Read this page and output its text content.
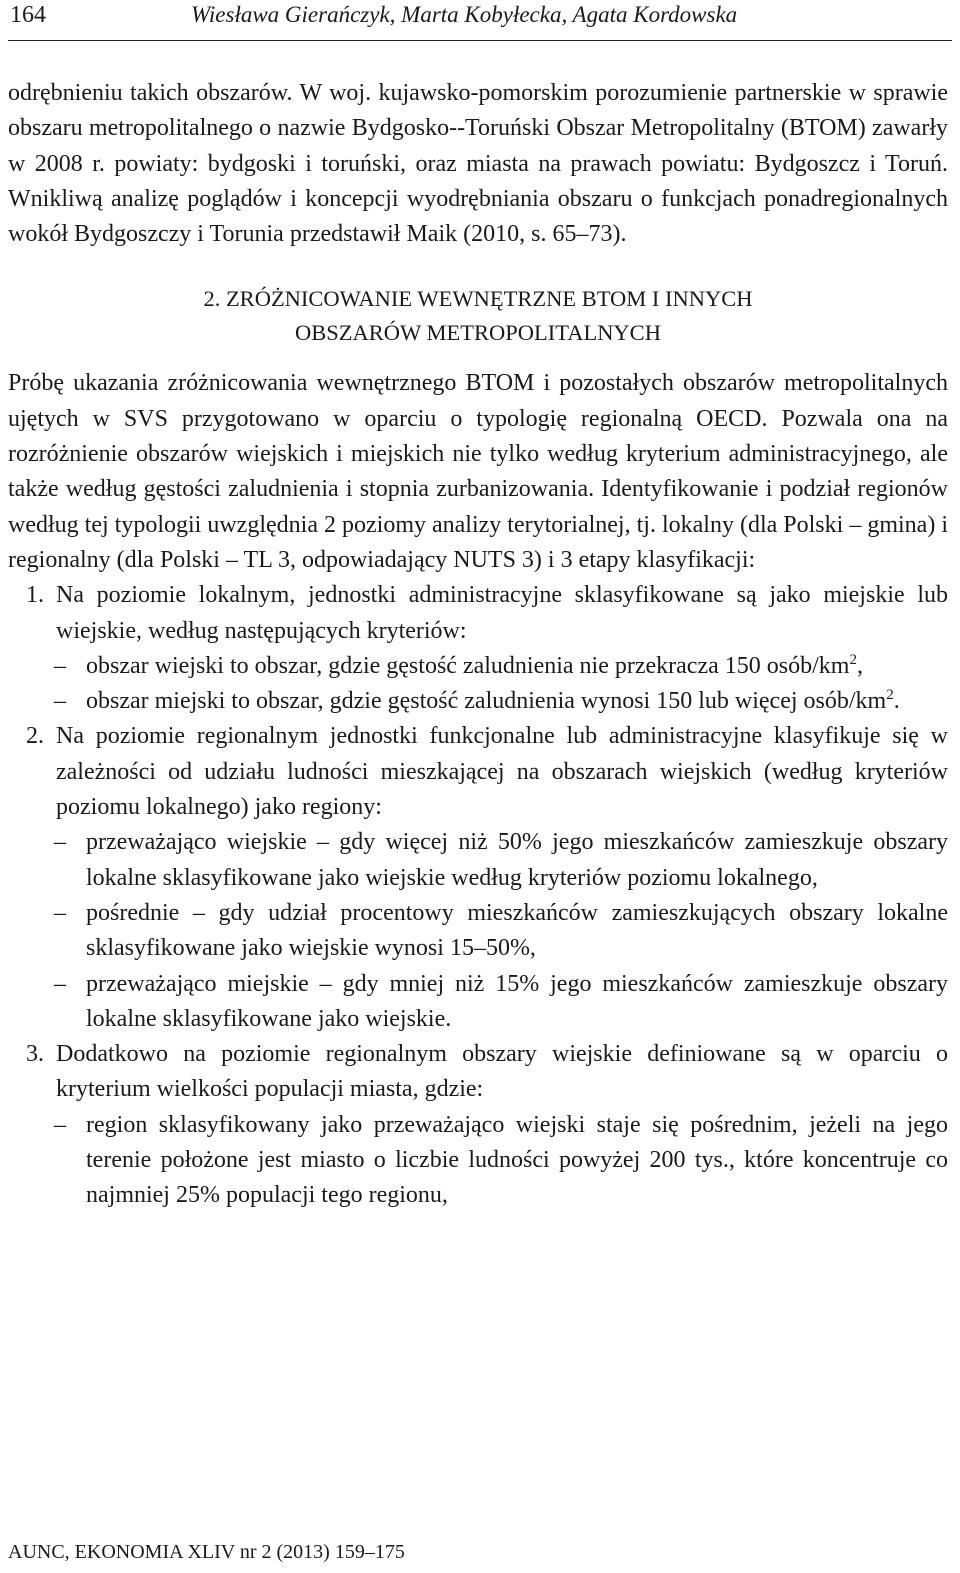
164	Wiesława Gierańczyk, Marta Kobyłecka, Agata Kordowska

odrębnieniu takich obszarów. W woj. kujawsko-pomorskim porozumienie partnerskie w sprawie obszaru metropolitalnego o nazwie Bydgosko--Toruński Obszar Metropolitalny (BTOM) zawarły w 2008 r. powiaty: bydgoski i toruński, oraz miasta na prawach powiatu: Bydgoszcz i Toruń. Wnikliwą analizę poglądów i koncepcji wyodrębniania obszaru o funkcjach ponadregionalnych wokół Bydgoszczy i Torunia przedstawił Maik (2010, s. 65–73).

2. ZRÓŻNICOWANIE WEWNĘTRZNE BTOM I INNYCH
OBSZARÓW METROPOLITALNYCH

Próbę ukazania zróżnicowania wewnętrznego BTOM i pozostałych obszarów metropolitalnych ujętych w SVS przygotowano w oparciu o typologię regionalną OECD. Pozwala ona na rozróżnienie obszarów wiejskich i miejskich nie tylko według kryterium administracyjnego, ale także według gęstości zaludnienia i stopnia zurbanizowania. Identyfikowanie i podział regionów według tej typologii uwzględnia 2 poziomy analizy terytorialnej, tj. lokalny (dla Polski – gmina) i regionalny (dla Polski – TL 3, odpowiadający NUTS 3) i 3 etapy klasyfikacji:

1. Na poziomie lokalnym, jednostki administracyjne sklasyfikowane są jako miejskie lub wiejskie, według następujących kryteriów:
– obszar wiejski to obszar, gdzie gęstość zaludnienia nie przekracza 150 osób/$km^2$,
– obszar miejski to obszar, gdzie gęstość zaludnienia wynosi 150 lub więcej osób/$km^2$.
2. Na poziomie regionalnym jednostki funkcjonalne lub administracyjne klasyfikuje się w zależności od udziału ludności mieszkającej na obszarach wiejskich (według kryteriów poziomu lokalnego) jako regiony:
– przeważająco wiejskie – gdy więcej niż 50% jego mieszkańców zamieszkuje obszary lokalne sklasyfikowane jako wiejskie według kryteriów poziomu lokalnego,
– pośrednie – gdy udział procentowy mieszkańców zamieszkujących obszary lokalne sklasyfikowane jako wiejskie wynosi 15–50%,
– przeważająco miejskie – gdy mniej niż 15% jego mieszkańców zamieszkuje obszary lokalne sklasyfikowane jako wiejskie.
3. Dodatkowo na poziomie regionalnym obszary wiejskie definiowane są w oparciu o kryterium wielkości populacji miasta, gdzie:
– region sklasyfikowany jako przeważająco wiejski staje się pośrednim, jeżeli na jego terenie położone jest miasto o liczbie ludności powyżej 200 tys., które koncentruje co najmniej 25% populacji tego regionu,
AUNC, EKONOMIA XLIV nr 2 (2013) 159–175
